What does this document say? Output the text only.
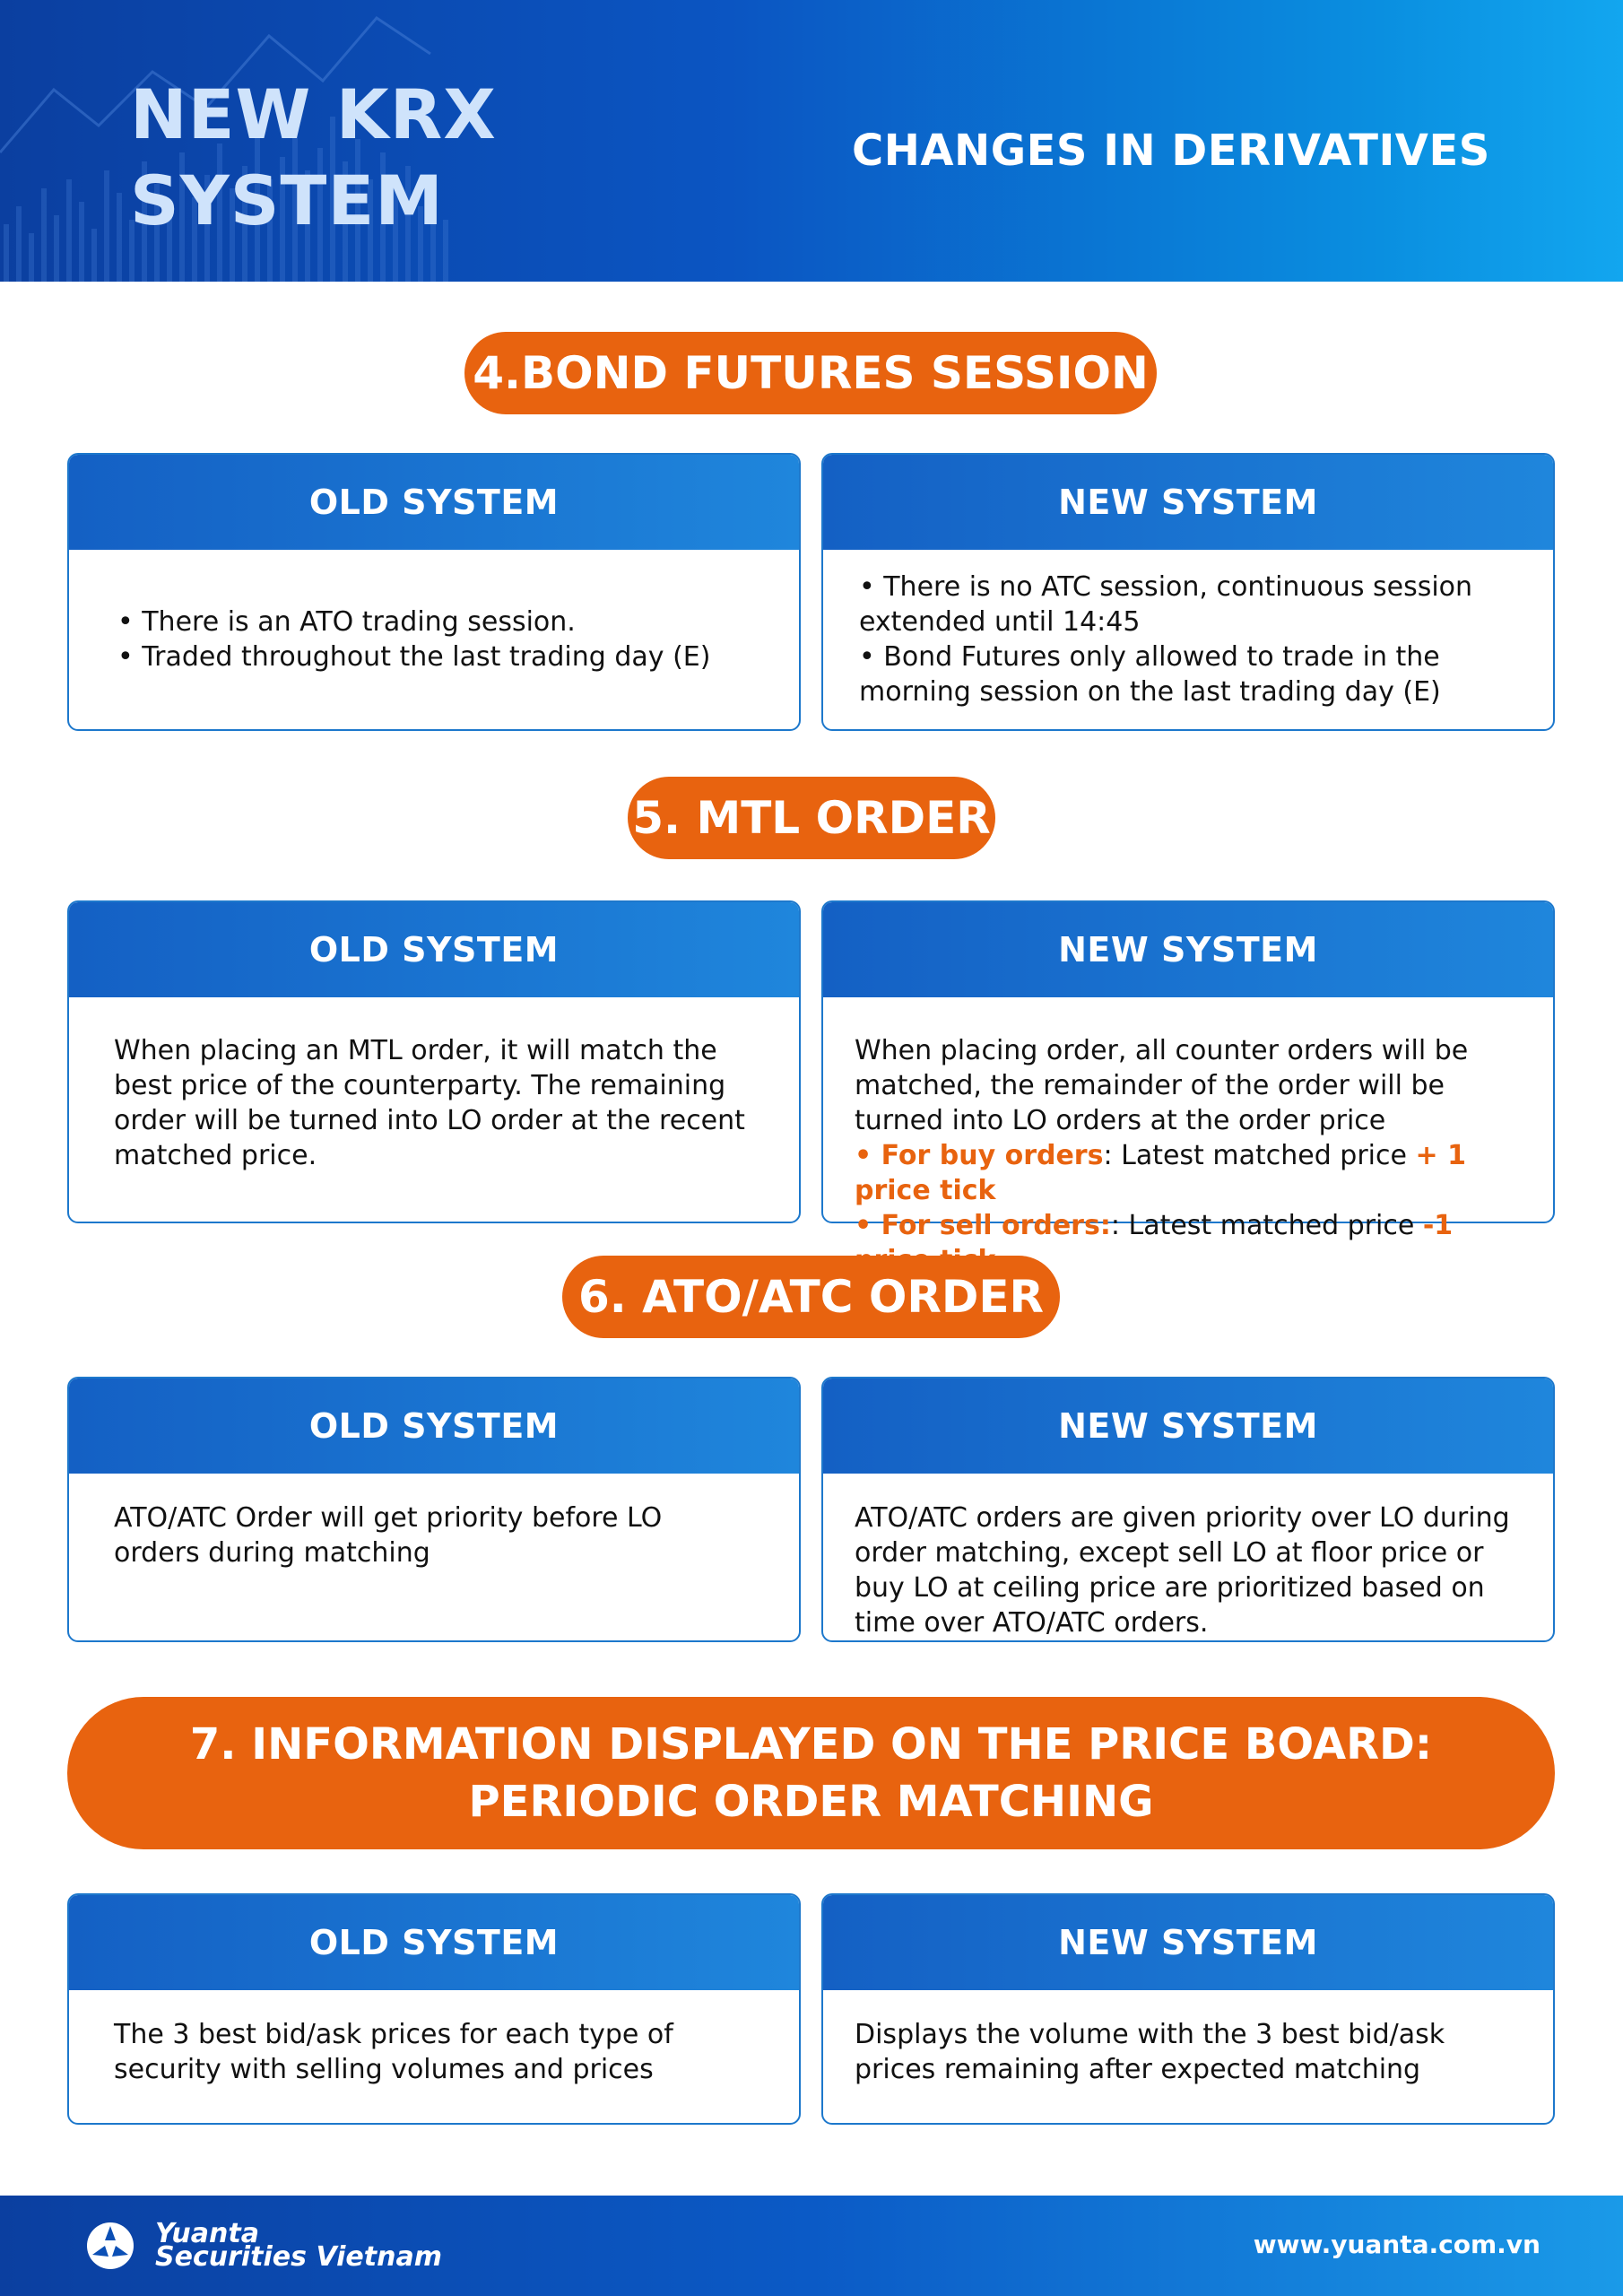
NEW KRX
SYSTEM
CHANGES IN DERIVATIVES
4.BOND FUTURES SESSION
OLD SYSTEM

• There is an ATO trading session.

• Traded throughout the last trading day (E)

NEW SYSTEM

• There is no ATC session, continuous session extended until 14:45

• Bond Futures only allowed to trade in the morning session on the last trading day (E)

5. MTL ORDER
OLD SYSTEM

When placing an MTL order, it will match the best price of the counterparty. The remaining order will be turned into LO order at the recent matched price.

NEW SYSTEM

When placing order, all counter orders will be matched, the remainder of the order will be turned into LO orders at the order price

• For buy orders: Latest matched price + 1 price tick

• For sell orders:: Latest matched price -1

6. ATO/ATC ORDER
OLD SYSTEM

ATO/ATC Order will get priority before LO orders during matching

NEW SYSTEM

ATO/ATC orders are given priority over LO during order matching, except sell LO at floor price or buy LO at ceiling price are prioritized based on time over ATO/ATC orders.

7. INFORMATION DISPLAYED ON THE PRICE BOARD:
PERIODIC ORDER MATCHING
OLD SYSTEM

The 3 best bid/ask prices for each type of security with selling volumes and prices

NEW SYSTEM

Displays the volume with the 3 best bid/ask prices remaining after expected matching

Yuanta
Securities Vietnam	www.yuanta.com.vn
